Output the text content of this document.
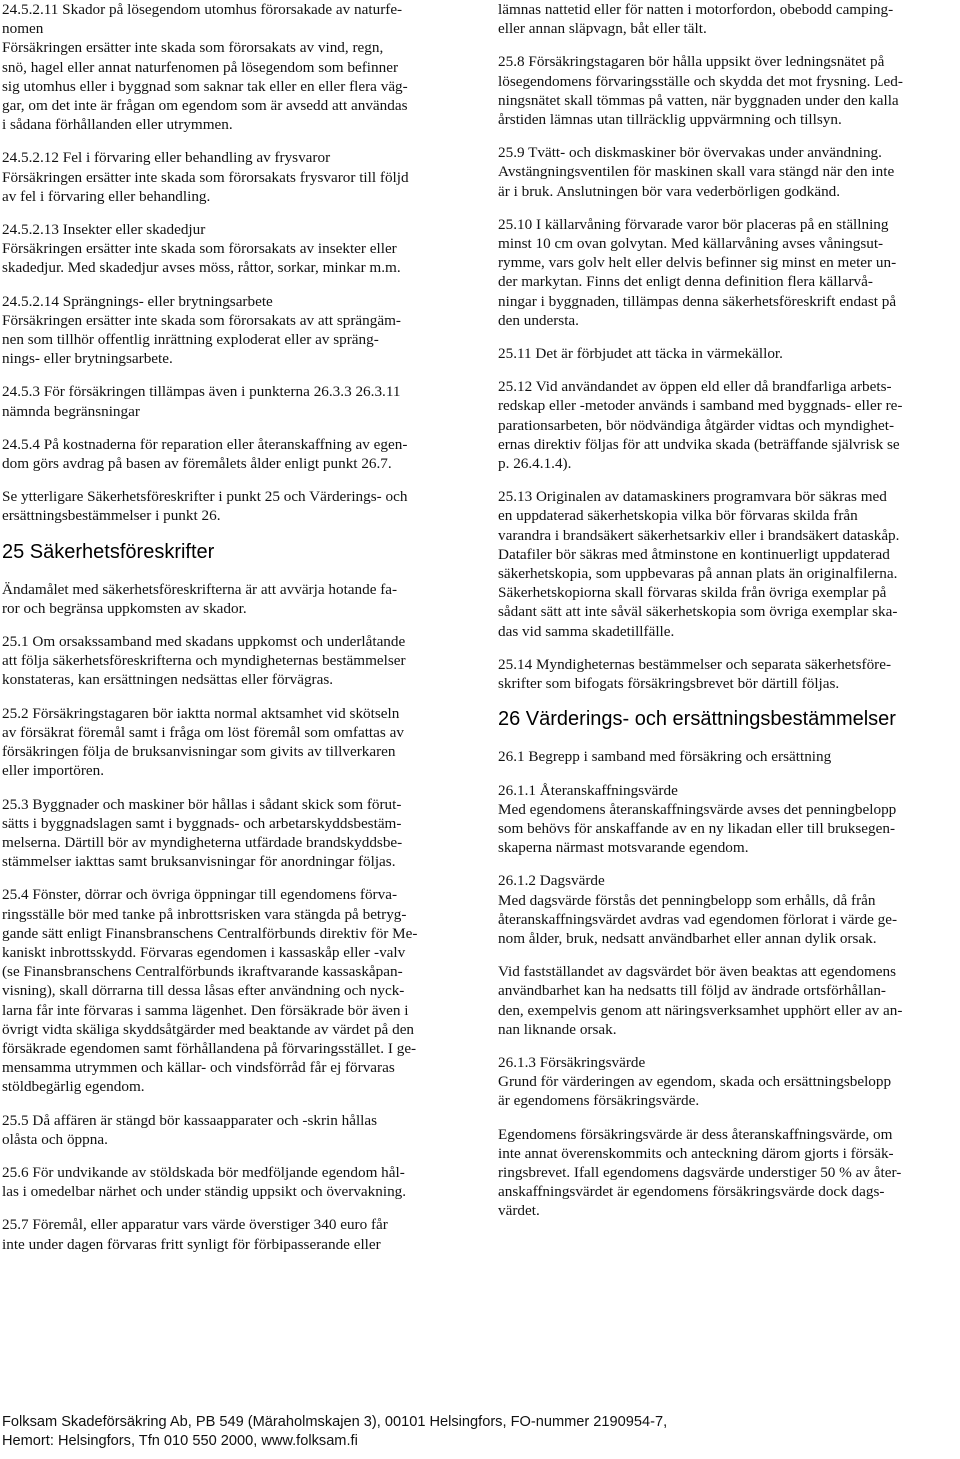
24.5.2.11 Skador på lösegendom utomhus förorsakade av naturfe-
nomen
Försäkringen ersätter inte skada som förorsakats av vind, regn,
snö, hagel eller annat naturfenomen på lösegendom som befinner
sig utomhus eller i byggnad som saknar tak eller en eller flera väg-
gar, om det inte är frågan om egendom som är avsedd att användas
i sådana förhållanden eller utrymmen.
24.5.2.12 Fel i förvaring eller behandling av frysvaror
Försäkringen ersätter inte skada som förorsakats frysvaror till följd
av fel i förvaring eller behandling.
24.5.2.13 Insekter eller skadedjur
Försäkringen ersätter inte skada som förorsakats av insekter eller
skadedjur. Med skadedjur avses möss, råttor, sorkar, minkar m.m.
24.5.2.14 Sprängnings- eller brytningsarbete
Försäkringen ersätter inte skada som förorsakats av att sprängäm-
nen som tillhör offentlig inrättning exploderat eller av spräng-
nings- eller brytningsarbete.
24.5.3 För försäkringen tillämpas även i punkterna 26.3.3 26.3.11
nämnda begränsningar
24.5.4 På kostnaderna för reparation eller återanskaffning av egen-
dom görs avdrag på basen av föremålets ålder enligt punkt 26.7.
Se ytterligare Säkerhetsföreskrifter i punkt 25 och Värderings- och
ersättningsbestämmelser i punkt 26.
25 Säkerhetsföreskrifter
Ändamålet med säkerhetsföreskrifterna är att avvärja hotande fa-
ror och begränsa uppkomsten av skador.
25.1 Om orsakssamband med skadans uppkomst och underlåtande
att följa säkerhetsföreskrifterna och myndigheternas bestämmelser
konstateras, kan ersättningen nedsättas eller förvägras.
25.2 Försäkringstagaren bör iakttа normal aktsamhet vid skötseln
av försäkrat föremål samt i fråga om löst föremål som omfattas av
försäkringen följa de bruksanvisningar som givits av tillverkaren
eller importören.
25.3 Byggnader och maskiner bör hållas i sådant skick som förut-
sätts i byggnadslagen samt i byggnads- och arbetarskyddsbestäm-
melserna. Därtill bör av myndigheterna utfärdade brandskyddsbe-
stämmelser iakttas samt bruksanvisningar för anordningar följas.
25.4 Fönster, dörrar och övriga öppningar till egendomens förva-
ringsställe bör med tanke på inbrottsrisken vara stängda på betryg-
gande sätt enligt Finansbranschens Centralförbunds direktiv för Me-
kaniskt inbrottsskydd. Förvaras egendomen i kassaskåp eller -valv
(se Finansbranschens Centralförbunds ikraftvarande kassaskåpan-
visning), skall dörrarna till dessa låsas efter användning och nyck-
larna får inte förvaras i samma lägenhet. Den försäkrade bör även i
övrigt vidta skäliga skyddsåtgärder med beaktande av värdet på den
försäkrade egendomen samt förhållandena på förvaringsstället. I ge-
mensamma utrymmen och källar- och vindsförråd får ej förvaras
stöldbegärlig egendom.
25.5 Då affären är stängd bör kassaapparater och -skrin hållas
olåsta och öppna.
25.6 För undvikande av stöldskada bör medföljande egendom hål-
las i omedelbar närhet och under ständig uppsikt och övervakning.
25.7 Föremål, eller apparatur vars värde överstiger 340 euro får
inte under dagen förvaras fritt synligt för förbipasserande eller
lämnas nattetid eller för natten i motorfordon, obebodd camping-
eller annan släpvagn, båt eller tält.
25.8 Försäkringstagaren bör hålla uppsikt över ledningsnätet på
lösegendomens förvaringsställe och skydda det mot frysning. Led-
ningsnätet skall tömmas på vatten, när byggnaden under den kalla
årstiden lämnas utan tillräcklig uppvärmning och tillsyn.
25.9 Tvätt- och diskmaskiner bör övervakas under användning.
Avstängningsventilen för maskinen skall vara stängd när den inte
är i bruk. Anslutningen bör vara vederbörligen godkänd.
25.10 I källarvåning förvarade varor bör placeras på en ställning
minst 10 cm ovan golvytan. Med källarvåning avses våningsut-
rymme, vars golv helt eller delvis befinner sig minst en meter un-
der markytan. Finns det enligt denna definition flera källarvå-
ningar i byggnaden, tillämpas denna säkerhetsföreskrift endast på
den understa.
25.11 Det är förbjudet att täcka in värmekällor.
25.12 Vid användandet av öppen eld eller då brandfarliga arbets-
redskap eller -metoder används i samband med byggnads- eller re-
parationsarbeten, bör nödvändiga åtgärder vidtas och myndighet-
ernas direktiv följas för att undvika skada (beträffande självrisk se
p. 26.4.1.4).
25.13 Originalen av datamaskiners programvara bör säkras med
en uppdaterad säkerhetskopia vilka bör förvaras skilda från
varandra i brandsäkert säkerhetsarkiv eller i brandsäkert dataskåp.
Datafiler bör säkras med åtminstone en kontinuerligt uppdaterad
säkerhetskopia, som uppbevaras på annan plats än originalfilerna.
Säkerhetskopiorna skall förvaras skilda från övriga exemplar på
sådant sätt att inte såväl säkerhetskopia som övriga exemplar ska-
das vid samma skadetillfälle.
25.14 Myndigheternas bestämmelser och separata säkerhetsföre-
skrifter som bifogats försäkringsbrevet bör därtill följas.
26 Värderings- och ersättningsbestämmelser
26.1 Begrepp i samband med försäkring och ersättning
26.1.1 Återanskaffningsvärde
Med egendomens återanskaffningsvärde avses det penningbelopp
som behövs för anskaffande av en ny likadan eller till bruksegen-
skaperna närmast motsvarande egendom.
26.1.2 Dagsvärde
Med dagsvärde förstås det penningbelopp som erhålls, då från
återanskaffningsvärdet avdras vad egendomen förlorat i värde ge-
nom ålder, bruk, nedsatt användbarhet eller annan dylik orsak.
Vid fastställandet av dagsvärdet bör även beaktas att egendomens
användbarhet kan ha nedsatts till följd av ändrade ortsförhållan-
den, exempelvis genom att näringsverksamhet upphört eller av an-
nan liknande orsak.
26.1.3 Försäkringsvärde
Grund för värderingen av egendom, skada och ersättningsbelopp
är egendomens försäkringsvärde.
Egendomens försäkringsvärde är dess återanskaffningsvärde, om
inte annat överenskommits och anteckning därom gjorts i försäk-
ringsbrevet. Ifall egendomens dagsvärde understiger 50 % av åter-
anskaffningsvärdet är egendomens försäkringsvärde dock dags-
värdet.
Folksam Skadeförsäkring Ab, PB 549 (Märaholmskajen 3), 00101 Helsingfors, FO-nummer 2190954-7,
Hemort: Helsingfors, Tfn 010 550 2000, www.folksam.fi
